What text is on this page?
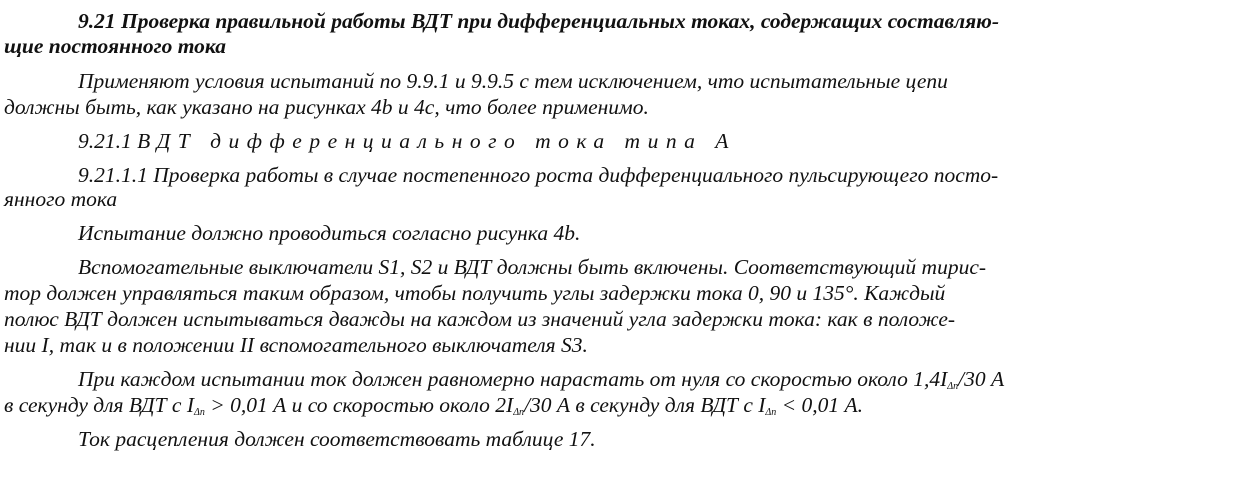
9.21 Проверка правильной работы ВДТ при дифференциальных токах, содержащих составляю-
щие постоянного тока
Применяют условия испытаний по 9.9.1 и 9.9.5 с тем исключением, что испытательные цепи
должны быть, как указано на рисунках 4b и 4c, что более применимо.
9.21.1 ВДТ дифференциального тока типа А
9.21.1.1 Проверка работы в случае постепенного роста дифференциального пульсирующего посто-
янного тока
Испытание должно проводиться согласно рисунка 4b.
Вспомогательные выключатели S1, S2 и ВДТ должны быть включены. Соответствующий тирис-
тор должен управляться таким образом, чтобы получить углы задержки тока 0, 90 и 135°. Каждый
полюс ВДТ должен испытываться дважды на каждом из значений угла задержки тока: как в положе-
нии I, так и в положении II вспомогательного выключателя S3.
При каждом испытании ток должен равномерно нарастать от нуля со скоростью около $1,4I_{\Delta n}/30$ А
в секунду для ВДТ с $I_{\Delta n} > 0,01$ А и со скоростью около $2I_{\Delta n}/30$ А в секунду для ВДТ с $I_{\Delta n} < 0,01$ А.
Ток расцепления должен соответствовать таблице 17.
